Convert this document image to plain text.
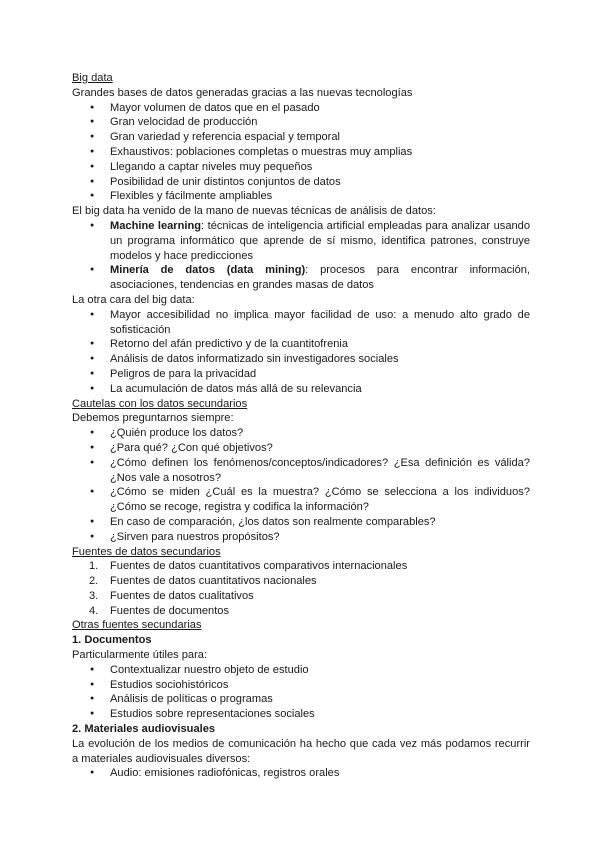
Big data

Grandes bases de datos generadas gracias a las nuevas tecnologías

● Mayor volumen de datos que en el pasado
● Gran velocidad de producción
● Gran variedad y referencia espacial y temporal
● Exhaustivos: poblaciones completas o muestras muy amplias
● Llegando a captar niveles muy pequeños
● Posibilidad de unir distintos conjuntos de datos
● Flexibles y fácilmente ampliables

El big data ha venido de la mano de nuevas técnicas de análisis de datos:

● Machine learning: técnicas de inteligencia artificial empleadas para analizar usando un programa informático que aprende de sí mismo, identifica patrones, construye modelos y hace predicciones
● Minería de datos (data mining): procesos para encontrar información, asociaciones, tendencias en grandes masas de datos

La otra cara del big data:

● Mayor accesibilidad no implica mayor facilidad de uso: a menudo alto grado de sofisticación
● Retorno del afán predictivo y de la cuantitofrenia
● Análisis de datos informatizado sin investigadores sociales
● Peligros de para la privacidad
● La acumulación de datos más allá de su relevancia

Cautelas con los datos secundarios

Debemos preguntarnos siempre:

● ¿Quién produce los datos?
● ¿Para qué? ¿Con qué objetivos?
● ¿Cómo definen los fenómenos/conceptos/indicadores? ¿Esa definición es válida? ¿Nos vale a nosotros?
● ¿Cómo se miden ¿Cuál es la muestra? ¿Cómo se selecciona a los individuos? ¿Cómo se recoge, registra y codifica la información?
● En caso de comparación, ¿los datos son realmente comparables?
● ¿Sirven para nuestros propósitos?

Fuentes de datos secundarios

1. Fuentes de datos cuantitativos comparativos internacionales
2. Fuentes de datos cuantitativos nacionales
3. Fuentes de datos cualitativos
4. Fuentes de documentos

Otras fuentes secundarias

1. Documentos

Particularmente útiles para:

● Contextualizar nuestro objeto de estudio
● Estudios sociohistóricos
● Análisis de políticas o programas
● Estudios sobre representaciones sociales

2. Materiales audiovisuales

La evolución de los medios de comunicación ha hecho que cada vez más podamos recurrir a materiales audiovisuales diversos:

● Audio: emisiones radiofónicas, registros orales
